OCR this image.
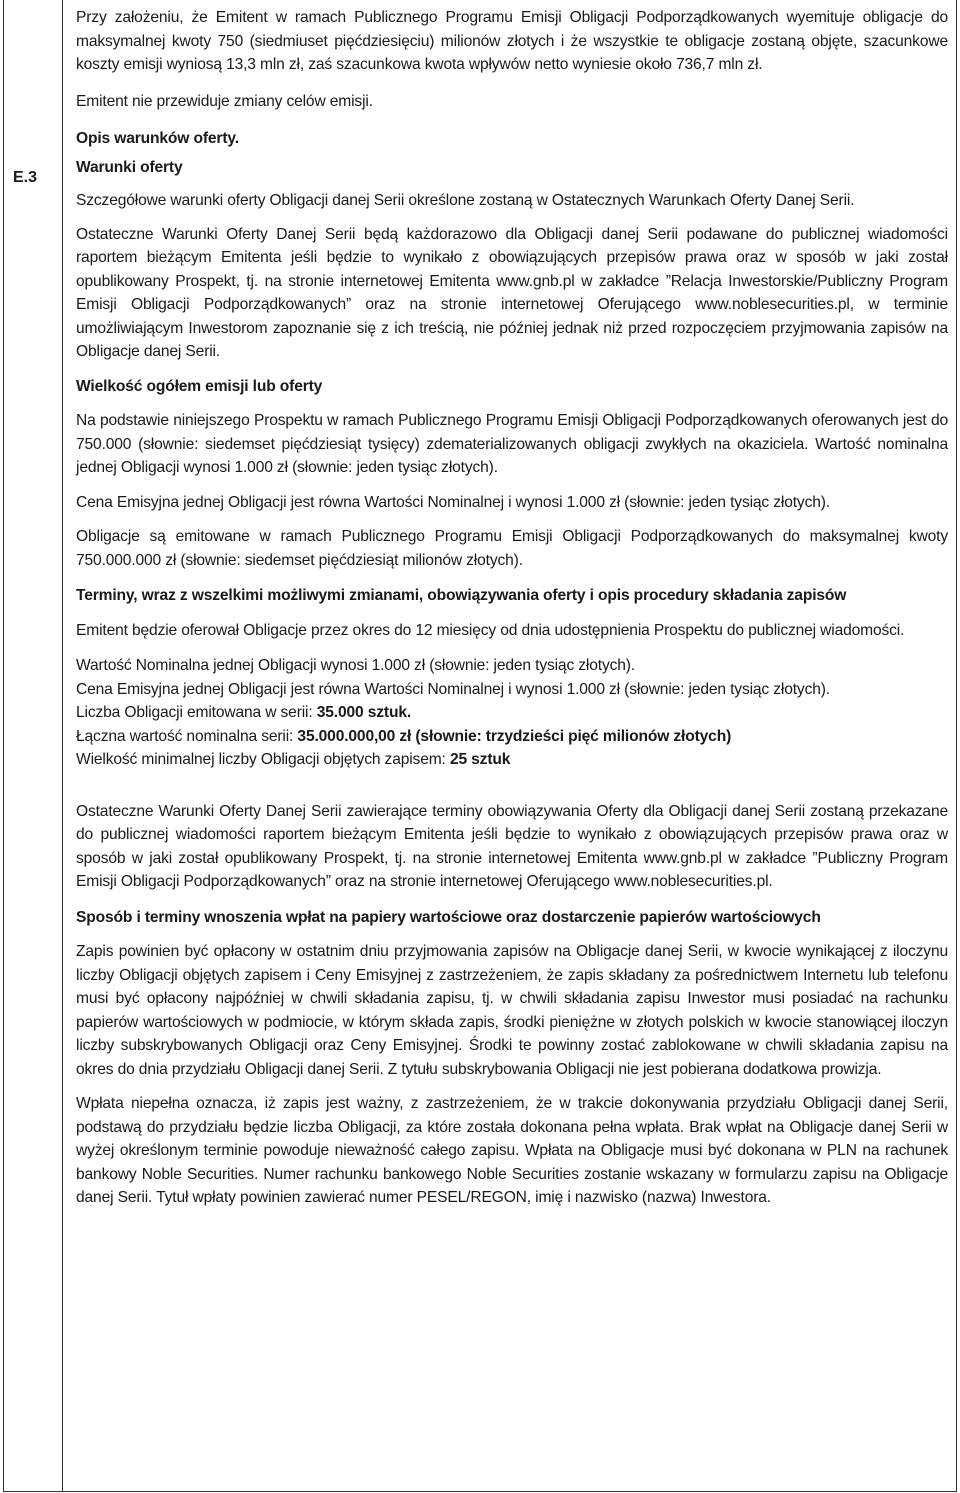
E.3

Przy założeniu, że Emitent w ramach Publicznego Programu Emisji Obligacji Podporządkowanych wyemituje obligacje do maksymalnej kwoty 750 (siedmiuset pięćdziesięciu) milionów złotych i że wszystkie te obligacje zostaną objęte, szacunkowe koszty emisji wyniosą 13,3 mln zł, zaś szacunkowa kwota wpływów netto wyniesie około 736,7 mln zł.

Emitent nie przewiduje zmiany celów emisji.

Opis warunków oferty.

Warunki oferty

Szczegółowe warunki oferty Obligacji danej Serii określone zostaną w Ostatecznych Warunkach Oferty Danej Serii.

Ostateczne Warunki Oferty Danej Serii będą każdorazowo dla Obligacji danej Serii podawane do publicznej wiadomości raportem bieżącym Emitenta jeśli będzie to wynikało z obowiązujących przepisów prawa oraz w sposób w jaki został opublikowany Prospekt, tj. na stronie internetowej Emitenta www.gnb.pl w zakładce ”Relacja Inwestorskie/Publiczny Program Emisji Obligacji Podporządkowanych” oraz na stronie internetowej Oferującego www.noblesecurities.pl, w terminie umożliwiającym Inwestorom zapoznanie się z ich treścią, nie później jednak niż przed rozpoczęciem przyjmowania zapisów na Obligacje danej Serii.

Wielkość ogółem emisji lub oferty

Na podstawie niniejszego Prospektu w ramach Publicznego Programu Emisji Obligacji Podporządkowanych oferowanych jest do 750.000 (słownie: siedemset pięćdziesiąt tysięcy) zdematerializowanych obligacji zwykłych na okaziciela. Wartość nominalna jednej Obligacji wynosi 1.000 zł (słownie: jeden tysiąc złotych).

Cena Emisyjna jednej Obligacji jest równa Wartości Nominalnej i wynosi 1.000 zł (słownie: jeden tysiąc złotych).

Obligacje są emitowane w ramach Publicznego Programu Emisji Obligacji Podporządkowanych do maksymalnej kwoty 750.000.000 zł (słownie: siedemset pięćdziesiąt milionów złotych).

Terminy, wraz z wszelkimi możliwymi zmianami, obowiązywania oferty i opis procedury składania zapisów

Emitent będzie oferował Obligacje przez okres do 12 miesięcy od dnia udostępnienia Prospektu do publicznej wiadomości.

Wartość Nominalna jednej Obligacji wynosi 1.000 zł (słownie: jeden tysiąc złotych).

Cena Emisyjna jednej Obligacji jest równa Wartości Nominalnej i wynosi 1.000 zł (słownie: jeden tysiąc złotych).

Liczba Obligacji emitowana w serii: 35.000 sztuk.

Łączna wartość nominalna serii: 35.000.000,00 zł (słownie: trzydzieści pięć milionów złotych)

Wielkość minimalnej liczby Obligacji objętych zapisem: 25 sztuk

Ostateczne Warunki Oferty Danej Serii zawierające terminy obowiązywania Oferty dla Obligacji danej Serii zostaną przekazane do publicznej wiadomości raportem bieżącym Emitenta jeśli będzie to wynikało z obowiązujących przepisów prawa oraz w sposób w jaki został opublikowany Prospekt, tj. na stronie internetowej Emitenta www.gnb.pl w zakładce ”Publiczny Program Emisji Obligacji Podporządkowanych” oraz na stronie internetowej Oferującego www.noblesecurities.pl.

Sposób i terminy wnoszenia wpłat na papiery wartościowe oraz dostarczenie papierów wartościowych

Zapis powinien być opłacony w ostatnim dniu przyjmowania zapisów na Obligacje danej Serii, w kwocie wynikającej z iloczynu liczby Obligacji objętych zapisem i Ceny Emisyjnej z zastrzeżeniem, że zapis składany za pośrednictwem Internetu lub telefonu musi być opłacony najpóźniej w chwili składania zapisu, tj. w chwili składania zapisu Inwestor musi posiadać na rachunku papierów wartościowych w podmiocie, w którym składa zapis, środki pieniężne w złotych polskich w kwocie stanowiącej iloczyn liczby subskrybowanych Obligacji oraz Ceny Emisyjnej. Środki te powinny zostać zablokowane w chwili składania zapisu na okres do dnia przydziału Obligacji danej Serii. Z tytułu subskrybowania Obligacji nie jest pobierana dodatkowa prowizja.

Wpłata niepełna oznacza, iż zapis jest ważny, z zastrzeżeniem, że w trakcie dokonywania przydziału Obligacji danej Serii, podstawą do przydziału będzie liczba Obligacji, za które została dokonana pełna wpłata. Brak wpłat na Obligacje danej Serii w wyżej określonym terminie powoduje nieważność całego zapisu. Wpłata na Obligacje musi być dokonana w PLN na rachunek bankowy Noble Securities. Numer rachunku bankowego Noble Securities zostanie wskazany w formularzu zapisu na Obligacje danej Serii. Tytuł wpłaty powinien zawierać numer PESEL/REGON, imię i nazwisko (nazwa) Inwestora.
